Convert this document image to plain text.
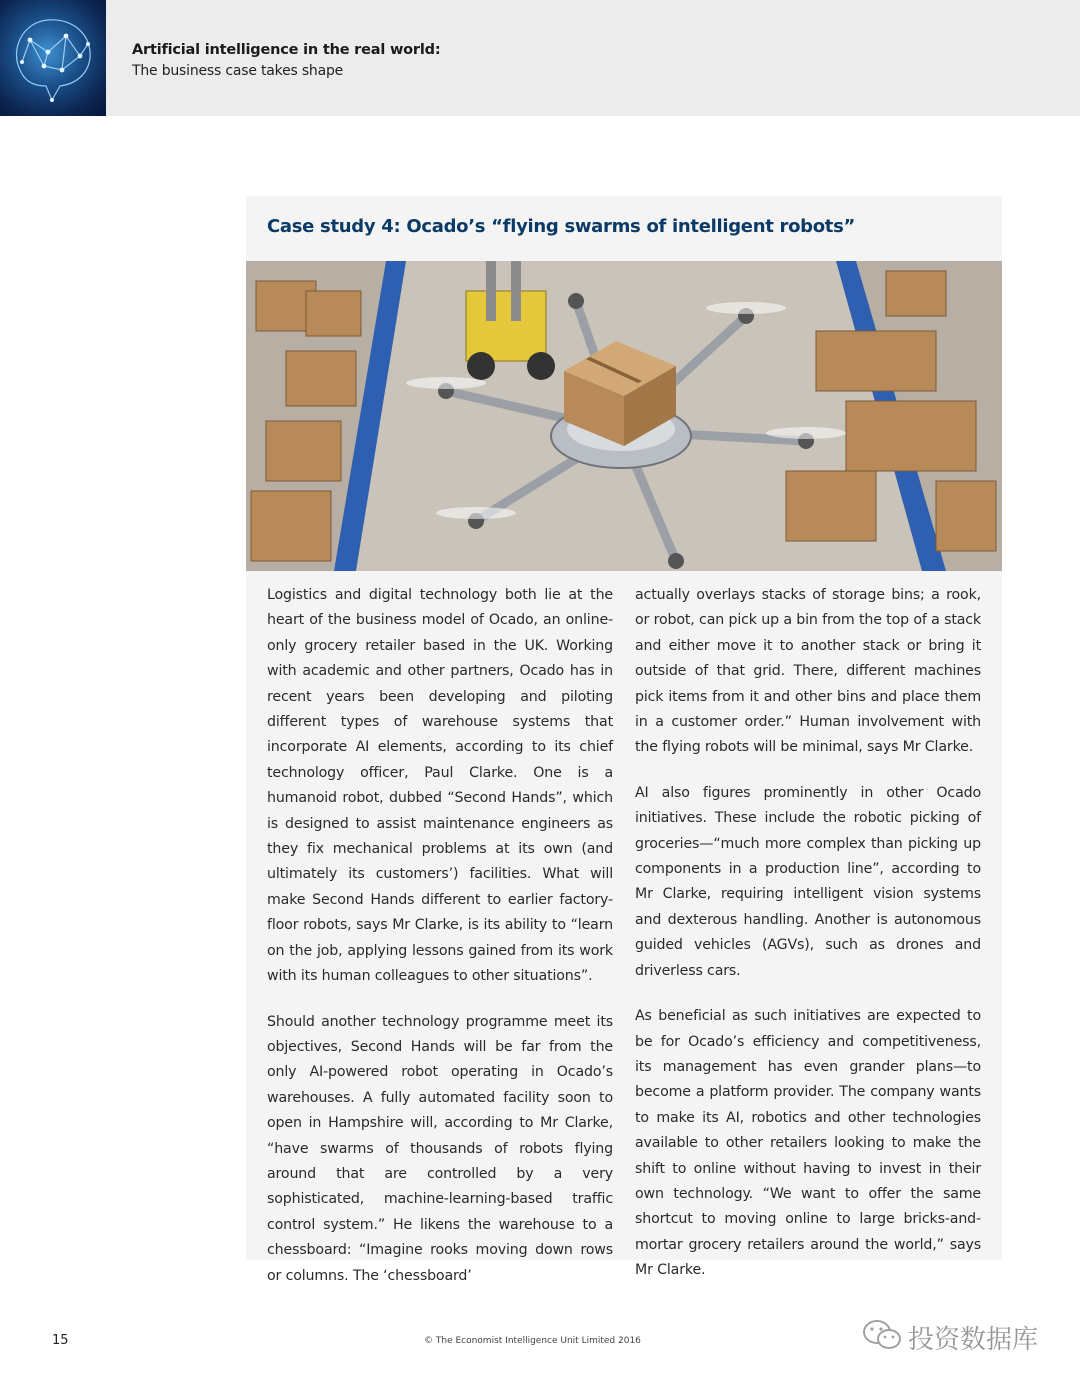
Artificial intelligence in the real world:
The business case takes shape
Case study 4: Ocado’s “flying swarms of intelligent robots”

Logistics and digital technology both lie at the heart of the business model of Ocado, an online-only grocery retailer based in the UK. Working with academic and other partners, Ocado has in recent years been developing and piloting different types of warehouse systems that incorporate AI elements, according to its chief technology officer, Paul Clarke. One is a humanoid robot, dubbed “Second Hands”, which is designed to assist maintenance engineers as they fix mechanical problems at its own (and ultimately its customers’) facilities. What will make Second Hands different to earlier factory-floor robots, says Mr Clarke, is its ability to “learn on the job, applying lessons gained from its work with its human colleagues to other situations”.

Should another technology programme meet its objectives, Second Hands will be far from the only AI-powered robot operating in Ocado’s warehouses. A fully automated facility soon to open in Hampshire will, according to Mr Clarke, “have swarms of thousands of robots flying around that are controlled by a very sophisticated, machine-learning-based traffic control system.” He likens the warehouse to a chessboard: “Imagine rooks moving down rows or columns. The ‘chessboard’

actually overlays stacks of storage bins; a rook, or robot, can pick up a bin from the top of a stack and either move it to another stack or bring it outside of that grid. There, different machines pick items from it and other bins and place them in a customer order.” Human involvement with the flying robots will be minimal, says Mr Clarke.

AI also figures prominently in other Ocado initiatives. These include the robotic picking of groceries—“much more complex than picking up components in a production line”, according to Mr Clarke, requiring intelligent vision systems and dexterous handling. Another is autonomous guided vehicles (AGVs), such as drones and driverless cars.

As beneficial as such initiatives are expected to be for Ocado’s efficiency and competitiveness, its management has even grander plans—to become a platform provider. The company wants to make its AI, robotics and other technologies available to other retailers looking to make the shift to online without having to invest in their own technology. “We want to offer the same shortcut to moving online to large bricks-and-mortar grocery retailers around the world,” says Mr Clarke.

15	© The Economist Intelligence Unit Limited 2016	投资数据库
